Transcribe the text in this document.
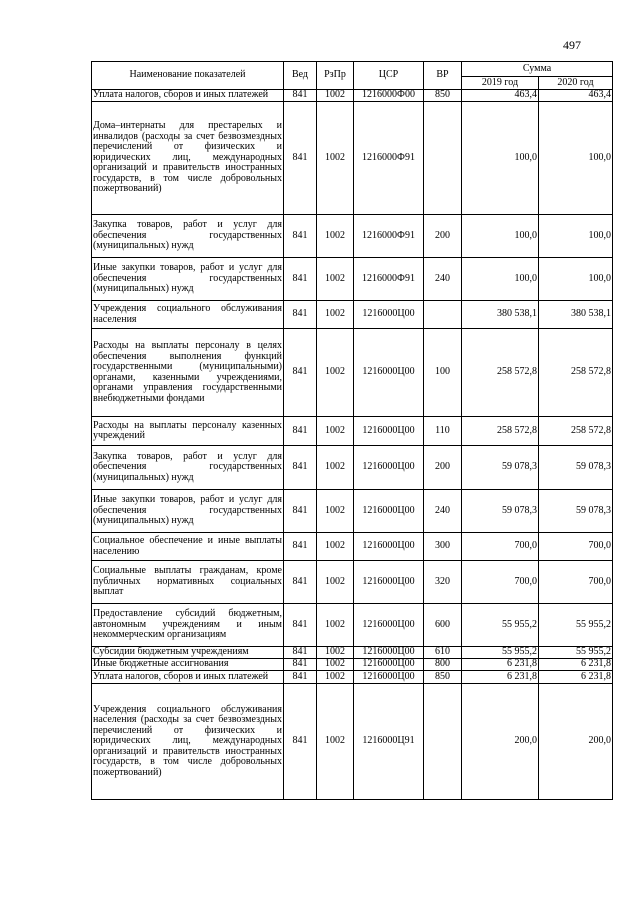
497
Наименование показателей	Вед	РзПр	ЦСР	ВР	Сумма	
					2019 год	2020 год
Уплата налогов, сборов и иных платежей	841	1002	1216000Ф00	850	463,4	463,4
Дома–интернаты для престарелых и инвалидов (расходы за счет безвозмездных перечислений от физических и юридических лиц, международных организаций и правительств иностранных государств, в том числе добровольных пожертвований)	841	1002	1216000Ф91		100,0	100,0
Закупка товаров, работ и услуг для обеспечения государственных (муниципальных) нужд	841	1002	1216000Ф91	200	100,0	100,0
Иные закупки товаров, работ и услуг для обеспечения государственных (муниципальных) нужд	841	1002	1216000Ф91	240	100,0	100,0
Учреждения социального обслуживания населения	841	1002	1216000Ц00		380 538,1	380 538,1
Расходы на выплаты персоналу в целях обеспечения выполнения функций государственными (муниципальными) органами, казенными учреждениями, органами управления государственными внебюджетными фондами	841	1002	1216000Ц00	100	258 572,8	258 572,8
Расходы на выплаты персоналу казенных учреждений	841	1002	1216000Ц00	110	258 572,8	258 572,8
Закупка товаров, работ и услуг для обеспечения государственных (муниципальных) нужд	841	1002	1216000Ц00	200	59 078,3	59 078,3
Иные закупки товаров, работ и услуг для обеспечения государственных (муниципальных) нужд	841	1002	1216000Ц00	240	59 078,3	59 078,3
Социальное обеспечение и иные выплаты населению	841	1002	1216000Ц00	300	700,0	700,0
Социальные выплаты гражданам, кроме публичных нормативных социальных выплат	841	1002	1216000Ц00	320	700,0	700,0
Предоставление субсидий бюджетным, автономным учреждениям и иным некоммерческим организациям	841	1002	1216000Ц00	600	55 955,2	55 955,2
Субсидии бюджетным учреждениям	841	1002	1216000Ц00	610	55 955,2	55 955,2
Иные бюджетные ассигнования	841	1002	1216000Ц00	800	6 231,8	6 231,8
Уплата налогов, сборов и иных платежей	841	1002	1216000Ц00	850	6 231,8	6 231,8
Учреждения социального обслуживания населения (расходы за счет безвозмездных перечислений от физических и юридических лиц, международных организаций и правительств иностранных государств, в том числе добровольных пожертвований)	841	1002	1216000Ц91		200,0	200,0
